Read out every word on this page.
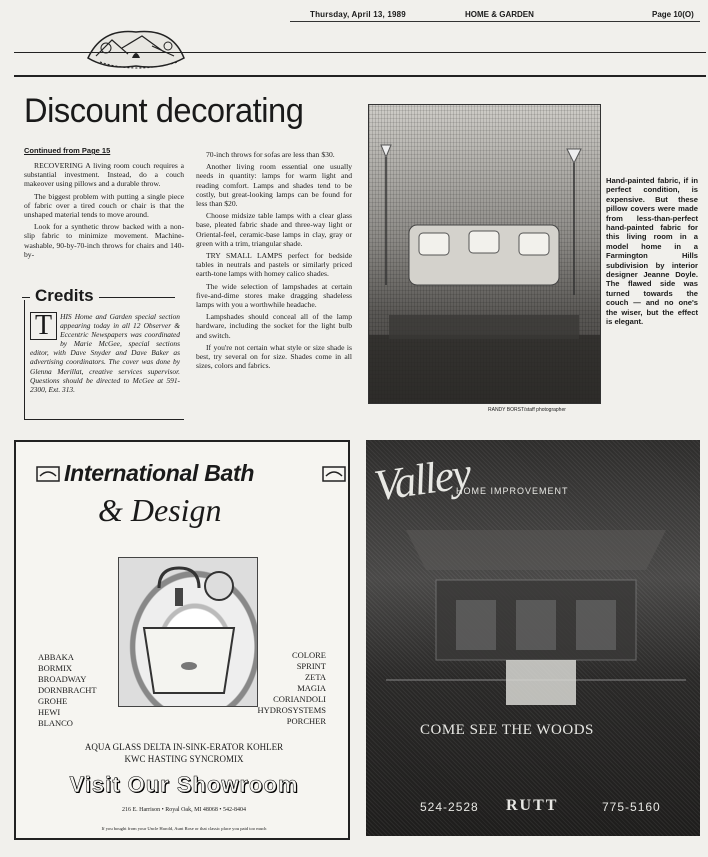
Thursday, April 13, 1989	HOME & GARDEN	Page 10(O)
Discount decorating
Continued from Page 15

RECOVERING A living room couch requires a substantial investment. Instead, do a couch makeover using pillows and a durable throw.

The biggest problem with putting a single piece of fabric over a tired couch or chair is that the unshaped material tends to move around.

Look for a synthetic throw backed with a non-slip fabric to minimize movement. Machine-washable, 90-by-70-inch throws for chairs and 140-by-

Credits
T	HIS Home and Garden special section appearing today in all 12 Observer & Eccentric Newspapers was coordinated by Marie McGee, special sections editor, with Dave Snyder and Dave Baker as advertising coordinators. The cover was done by Glenna Merillat, creative services supervisor. Questions should be directed to McGee at 591-2300, Ext. 313.

70-inch throws for sofas are less than $30.

Another living room essential one usually needs in quantity: lamps for warm light and reading comfort. Lamps and shades tend to be costly, but great-looking lamps can be found for less than $20.

Choose midsize table lamps with a clear glass base, pleated fabric shade and three-way light or Oriental-feel, ceramic-base lamps in clay, gray or green with a trim, triangular shade.

TRY SMALL LAMPS perfect for bedside tables in neutrals and pastels or similarly priced earth-tone lamps with homey calico shades.

The wide selection of lampshades at certain five-and-dime stores make dragging shadeless lamps with you a worthwhile headache.

Lampshades should conceal all of the lamp hardware, including the socket for the light bulb and switch.

If you're not certain what style or size shade is best, try several on for size. Shades come in all sizes, colors and fabrics.

RANDY BORST/staff photographer
Hand-painted fabric, if in perfect condition, is expensive. But these pillow covers were made from less-than-perfect hand-painted fabric for this living room in a model home in a Farmington Hills subdivision by interior designer Jeanne Doyle. The flawed side was turned towards the couch — and no one's the wiser, but the effect is elegant.
International Bath
& Design
ABBAKA
BORMIX
BROADWAY
DORNBRACHT
GROHE
HEWI
BLANCO
COLORE
SPRINT
ZETA
MAGIA
CORIANDOLI
HYDROSYSTEMS
PORCHER
AQUA GLASS DELTA IN-SINK-ERATOR KOHLER
KWC HASTING SYNCROMIX
Visit Our Showroom
216 E. Harrison • Royal Oak, MI 48068 • 542-8404
If you bought from your Uncle Harold, Aunt Rose or that classic place you paid too much
Valley
HOME IMPROVEMENT
COME SEE THE WOODS
524-2528 RUTT	775-5160
